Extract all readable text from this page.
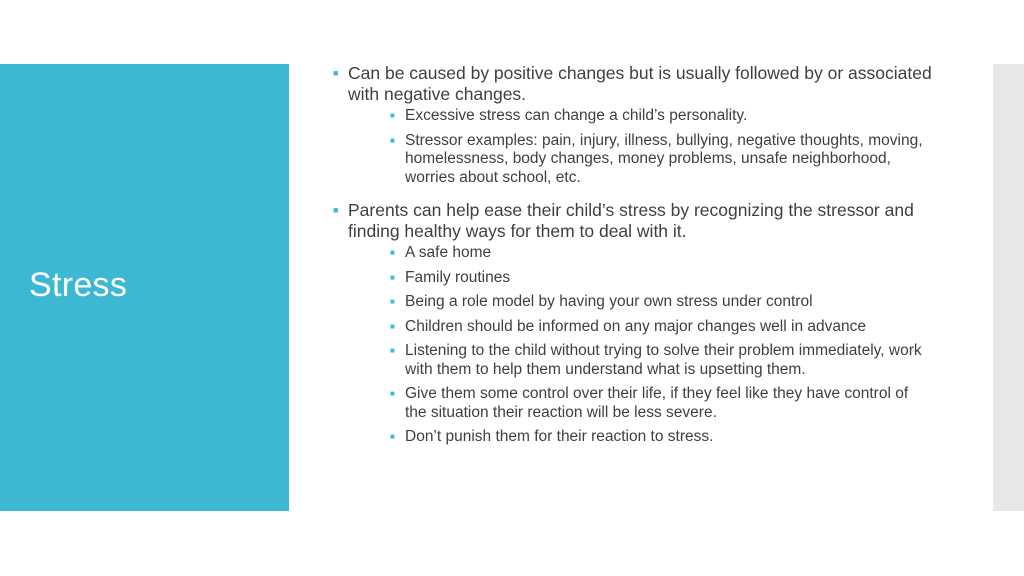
Stress
■ Can be caused by positive changes but is usually followed by or associated with negative changes.
■ Excessive stress can change a child’s personality.
■ Stressor examples: pain, injury, illness, bullying, negative thoughts, moving, homelessness, body changes, money problems, unsafe neighborhood, worries about school, etc.
■ Parents can help ease their child’s stress by recognizing the stressor and finding healthy ways for them to deal with it.
■ A safe home
■ Family routines
■ Being a role model by having your own stress under control
■ Children should be informed on any major changes well in advance
■ Listening to the child without trying to solve their problem immediately, work with them to help them understand what is upsetting them.
■ Give them some control over their life, if they feel like they have control of the situation their reaction will be less severe.
■ Don’t punish them for their reaction to stress.
